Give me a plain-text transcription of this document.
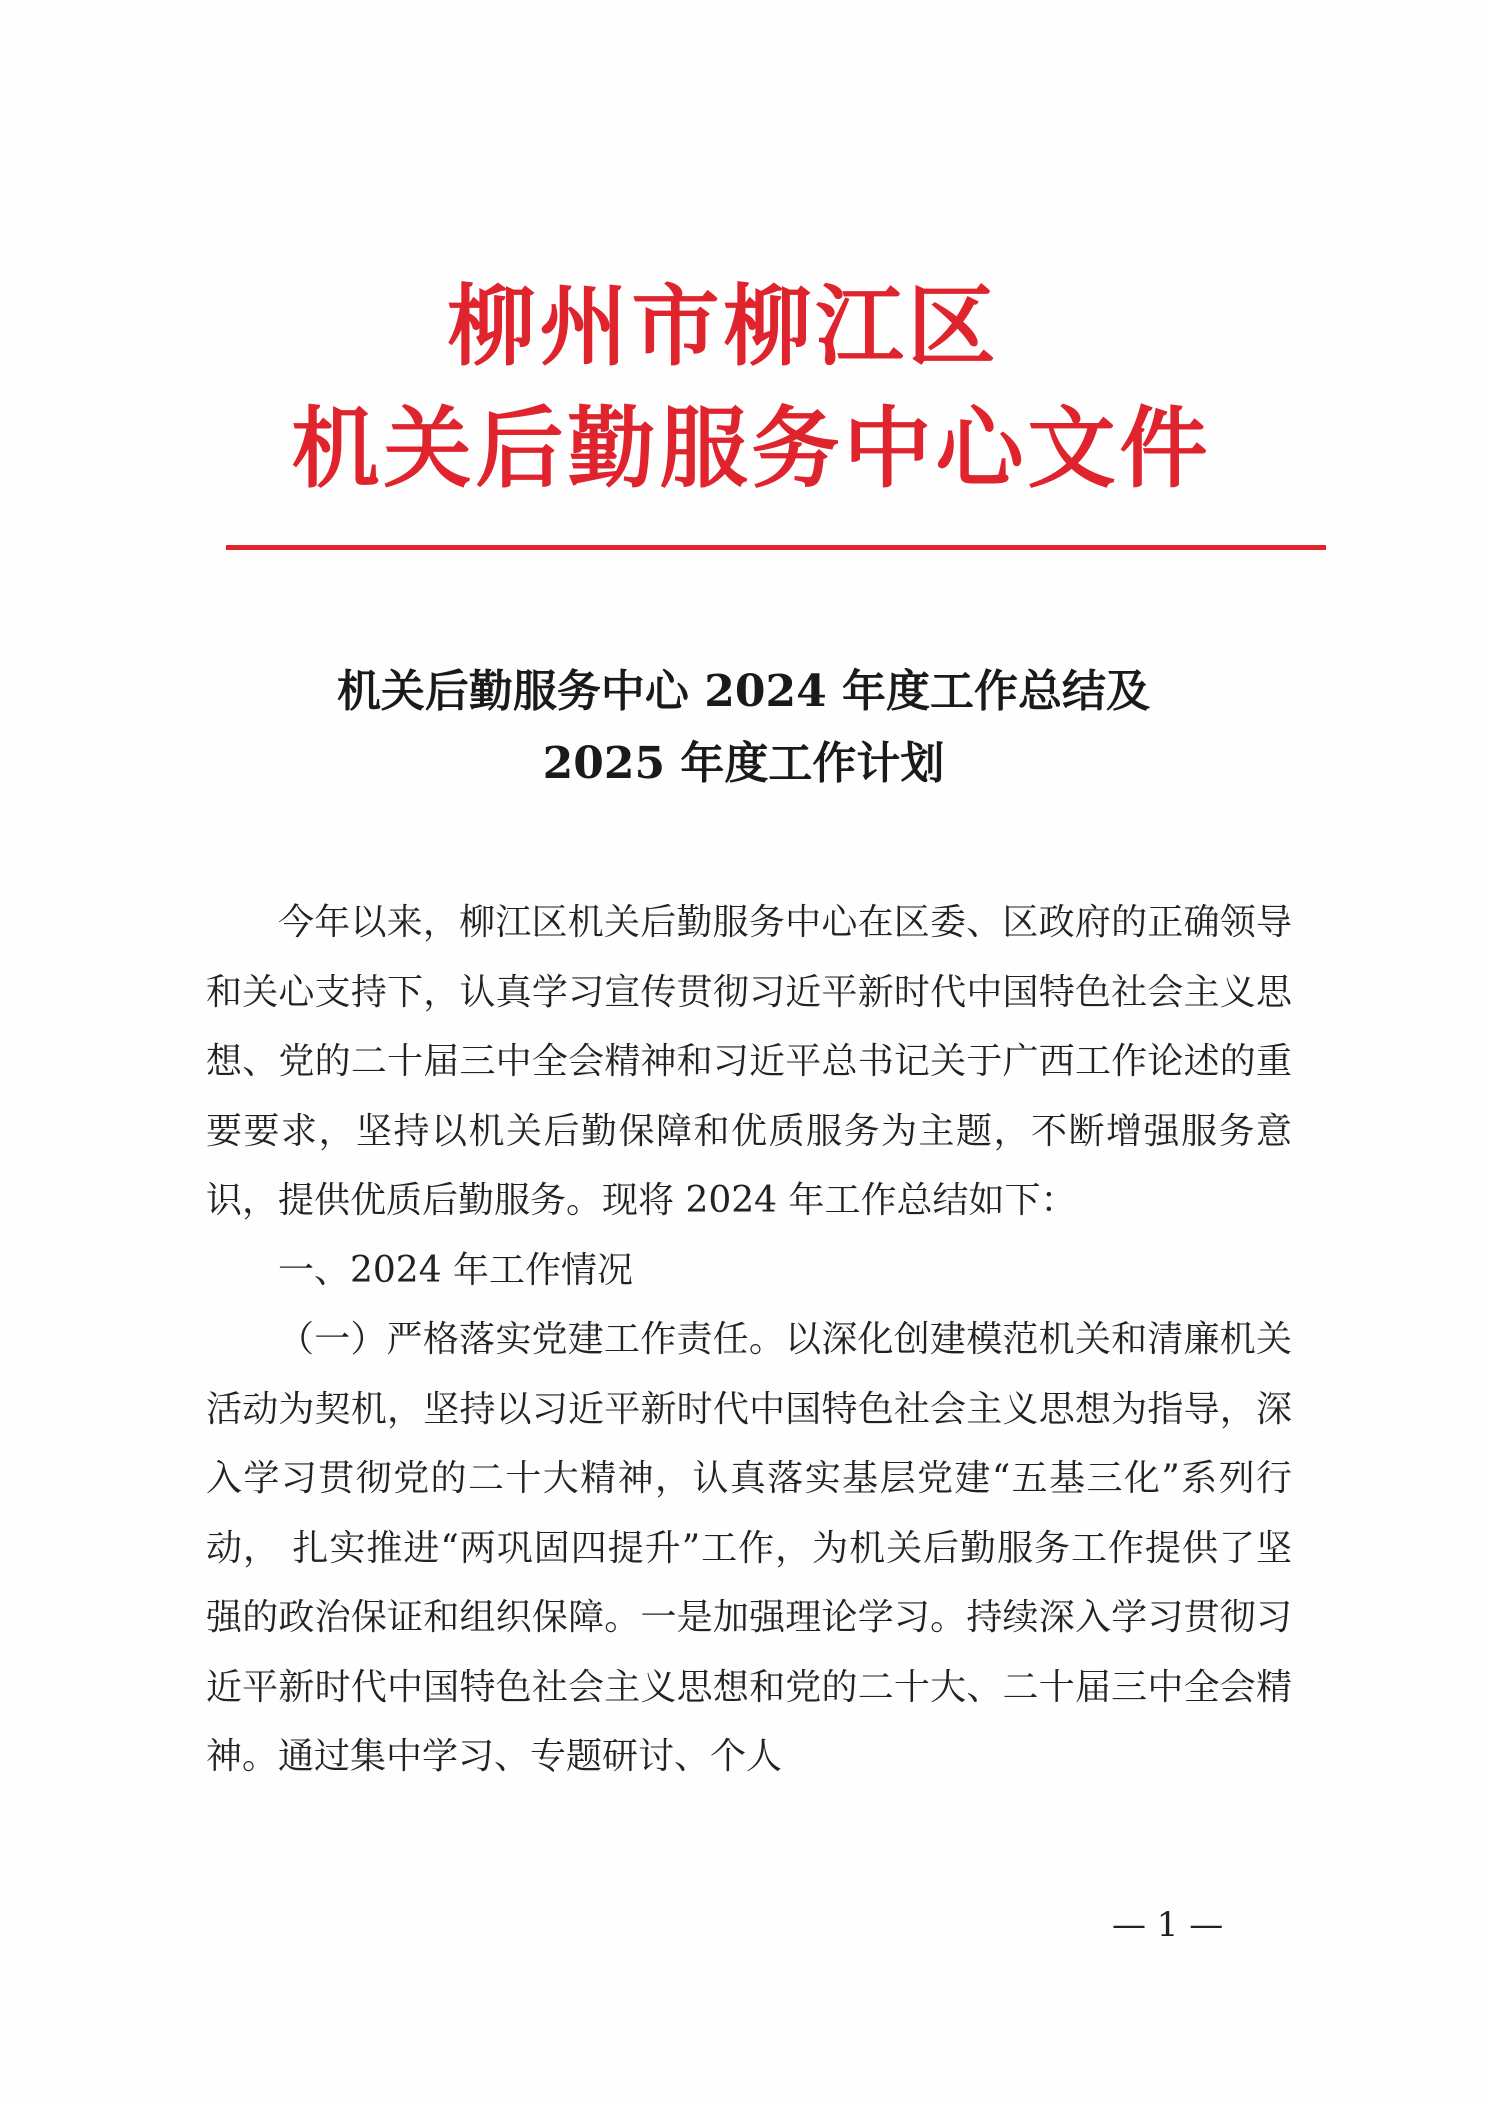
柳州市柳江区
机关后勤服务中心文件
机关后勤服务中心 2024 年度工作总结及
2025 年度工作计划

今年以来，柳江区机关后勤服务中心在区委、区政府的正确领导和关心支持下，认真学习宣传贯彻习近平新时代中国特色社会主义思想、党的二十届三中全会精神和习近平总书记关于广西工作论述的重要要求，坚持以机关后勤保障和优质服务为主题，不断增强服务意识，提供优质后勤服务。现将 2024 年工作总结如下：

一、2024 年工作情况

（一）严格落实党建工作责任。以深化创建模范机关和清廉机关活动为契机，坚持以习近平新时代中国特色社会主义思想为指导，深入学习贯彻党的二十大精神，认真落实基层党建“五基三化”系列行动， 扎实推进“两巩固四提升”工作，为机关后勤服务工作提供了坚强的政治保证和组织保障。一是加强理论学习。持续深入学习贯彻习近平新时代中国特色社会主义思想和党的二十大、二十届三中全会精神。通过集中学习、专题研讨、个人

— 1 —
